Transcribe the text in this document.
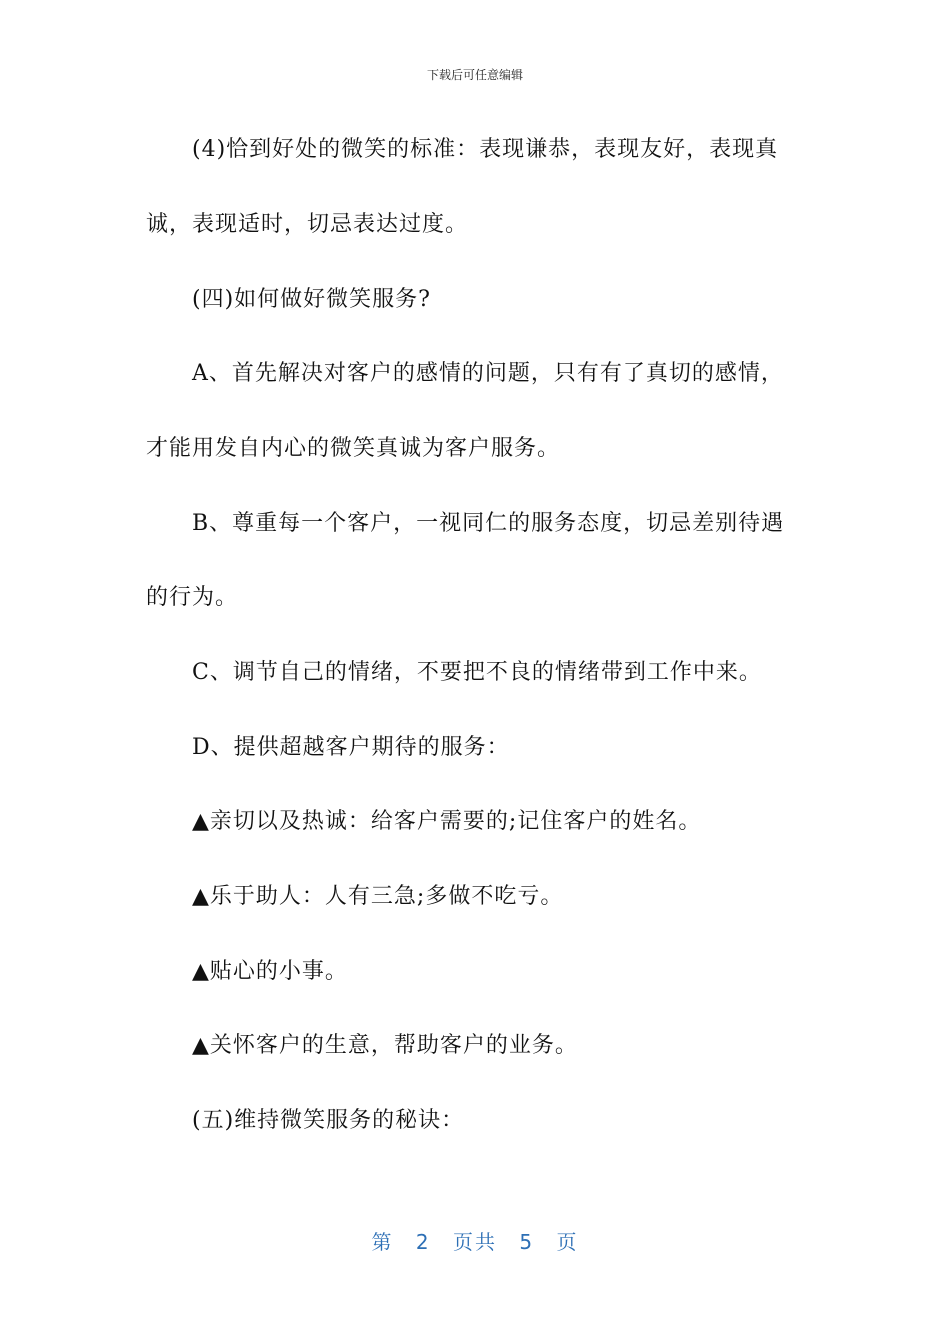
下载后可任意编辑
(4)恰到好处的微笑的标准：表现谦恭，表现友好，表现真
诚，表现适时，切忌表达过度。
(四)如何做好微笑服务?
A、首先解决对客户的感情的问题，只有有了真切的感情，
才能用发自内心的微笑真诚为客户服务。
B、尊重每一个客户，一视同仁的服务态度，切忌差别待遇
的行为。
C、调节自己的情绪，不要把不良的情绪带到工作中来。
D、提供超越客户期待的服务：
▲亲切以及热诚：给客户需要的;记住客户的姓名。
▲乐于助人：人有三急;多做不吃亏。
▲贴心的小事。
▲关怀客户的生意，帮助客户的业务。
(五)维持微笑服务的秘诀：
第 2 页共 5 页
